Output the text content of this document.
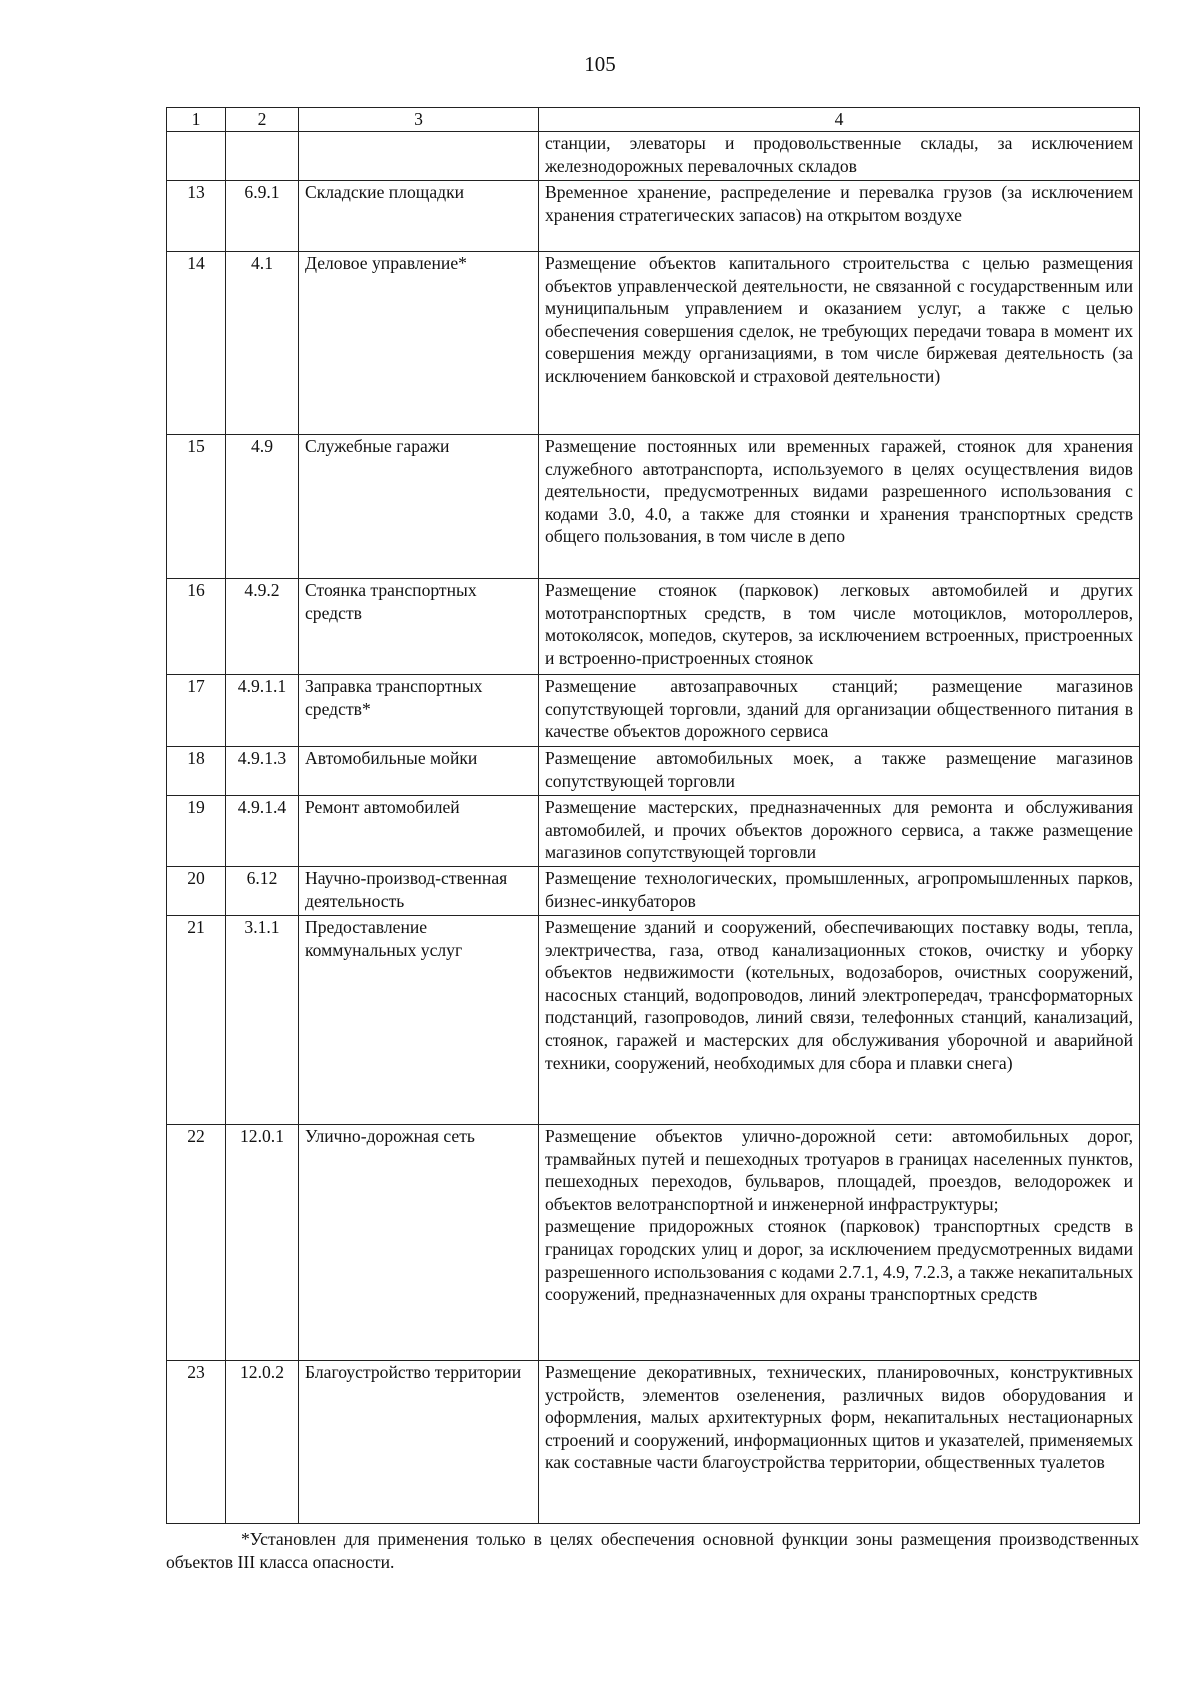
105
1	2	3	4
			станции, элеваторы и продовольственные склады, за исключением железнодорожных перевалочных складов
13	6.9.1	Складские площадки	Временное хранение, распределение и перевалка грузов (за исключением хранения стратегических запасов) на открытом воздухе
14	4.1	Деловое управление*	Размещение объектов капитального строительства с целью размещения объектов управленческой деятельности, не связанной с государственным или муниципальным управлением и оказанием услуг, а также с целью обеспечения совершения сделок, не требующих передачи товара в момент их совершения между организациями, в том числе биржевая деятельность (за исключением банковской и страховой деятельности)
15	4.9	Служебные гаражи	Размещение постоянных или временных гаражей, стоянок для хранения служебного автотранспорта, используемого в целях осуществления видов деятельности, предусмотренных видами разрешенного использования с кодами 3.0, 4.0, а также для стоянки и хранения транспортных средств общего пользования, в том числе в депо
16	4.9.2	Стоянка транспортных средств	Размещение стоянок (парковок) легковых автомобилей и других мототранспортных средств, в том числе мотоциклов, мотороллеров, мотоколясок, мопедов, скутеров, за исключением встроенных, пристроенных и встроенно-пристроенных стоянок
17	4.9.1.1	Заправка транспортных средств*	Размещение автозаправочных станций; размещение магазинов сопутствующей торговли, зданий для организации общественного питания в качестве объектов дорожного сервиса
18	4.9.1.3	Автомобильные мойки	Размещение автомобильных моек, а также размещение магазинов сопутствующей торговли
19	4.9.1.4	Ремонт автомобилей	Размещение мастерских, предназначенных для ремонта и обслуживания автомобилей, и прочих объектов дорожного сервиса, а также размещение магазинов сопутствующей торговли
20	6.12	Научно-производ-ственная деятельность	Размещение технологических, промышленных, агропромышленных парков, бизнес-инкубаторов
21	3.1.1	Предоставление коммунальных услуг	Размещение зданий и сооружений, обеспечивающих поставку воды, тепла, электричества, газа, отвод канализационных стоков, очистку и уборку объектов недвижимости (котельных, водозаборов, очистных сооружений, насосных станций, водопроводов, линий электропередач, трансформаторных подстанций, газопроводов, линий связи, телефонных станций, канализаций, стоянок, гаражей и мастерских для обслуживания уборочной и аварийной техники, сооружений, необходимых для сбора и плавки снега)
22	12.0.1	Улично-дорожная сеть	Размещение объектов улично-дорожной сети: автомобильных дорог, трамвайных путей и пешеходных тротуаров в границах населенных пунктов, пешеходных переходов, бульваров, площадей, проездов, велодорожек и объектов велотранспортной и инженерной инфраструктуры;
размещение придорожных стоянок (парковок) транспортных средств в границах городских улиц и дорог, за исключением предусмотренных видами разрешенного использования с кодами 2.7.1, 4.9, 7.2.3, а также некапитальных сооружений, предназначенных для охраны транспортных средств

23	12.0.2	Благоустройство территории	Размещение декоративных, технических, планировочных, конструктивных устройств, элементов озеленения, различных видов оборудования и оформления, малых архитектурных форм, некапитальных нестационарных строений и сооружений, информационных щитов и указателей, применяемых как составные части благоустройства территории, общественных туалетов
*Установлен для применения только в целях обеспечения основной функции зоны размещения производственных объектов III класса опасности.
